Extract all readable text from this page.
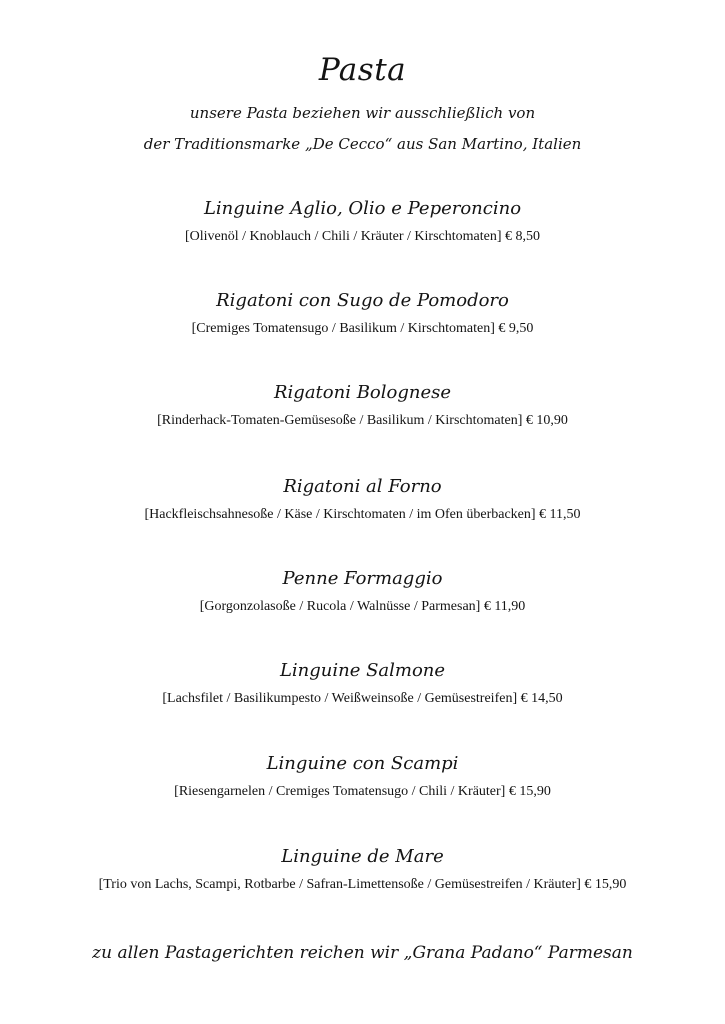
Pasta

unsere Pasta beziehen wir ausschließlich von

der Traditionsmarke „De Cecco“ aus San Martino, Italien

Linguine Aglio, Olio e Peperoncino

[Olivenöl / Knoblauch / Chili / Kräuter / Kirschtomaten] € 8,50

Rigatoni con Sugo de Pomodoro

[Cremiges Tomatensugo / Basilikum / Kirschtomaten] € 9,50

Rigatoni Bolognese

[Rinderhack-Tomaten-Gemüsesoße / Basilikum / Kirschtomaten] € 10,90

Rigatoni al Forno

[Hackfleischsahnesoße / Käse / Kirschtomaten / im Ofen überbacken] € 11,50

Penne Formaggio

[Gorgonzolasoße / Rucola / Walnüsse / Parmesan] € 11,90

Linguine Salmone

[Lachsfilet / Basilikumpesto / Weißweinsoße / Gemüsestreifen] € 14,50

Linguine con Scampi

[Riesengarnelen / Cremiges Tomatensugo / Chili / Kräuter] € 15,90

Linguine de Mare

[Trio von Lachs, Scampi, Rotbarbe / Safran-Limettensoße / Gemüsestreifen / Kräuter] € 15,90

zu allen Pastagerichten reichen wir „Grana Padano“ Parmesan
